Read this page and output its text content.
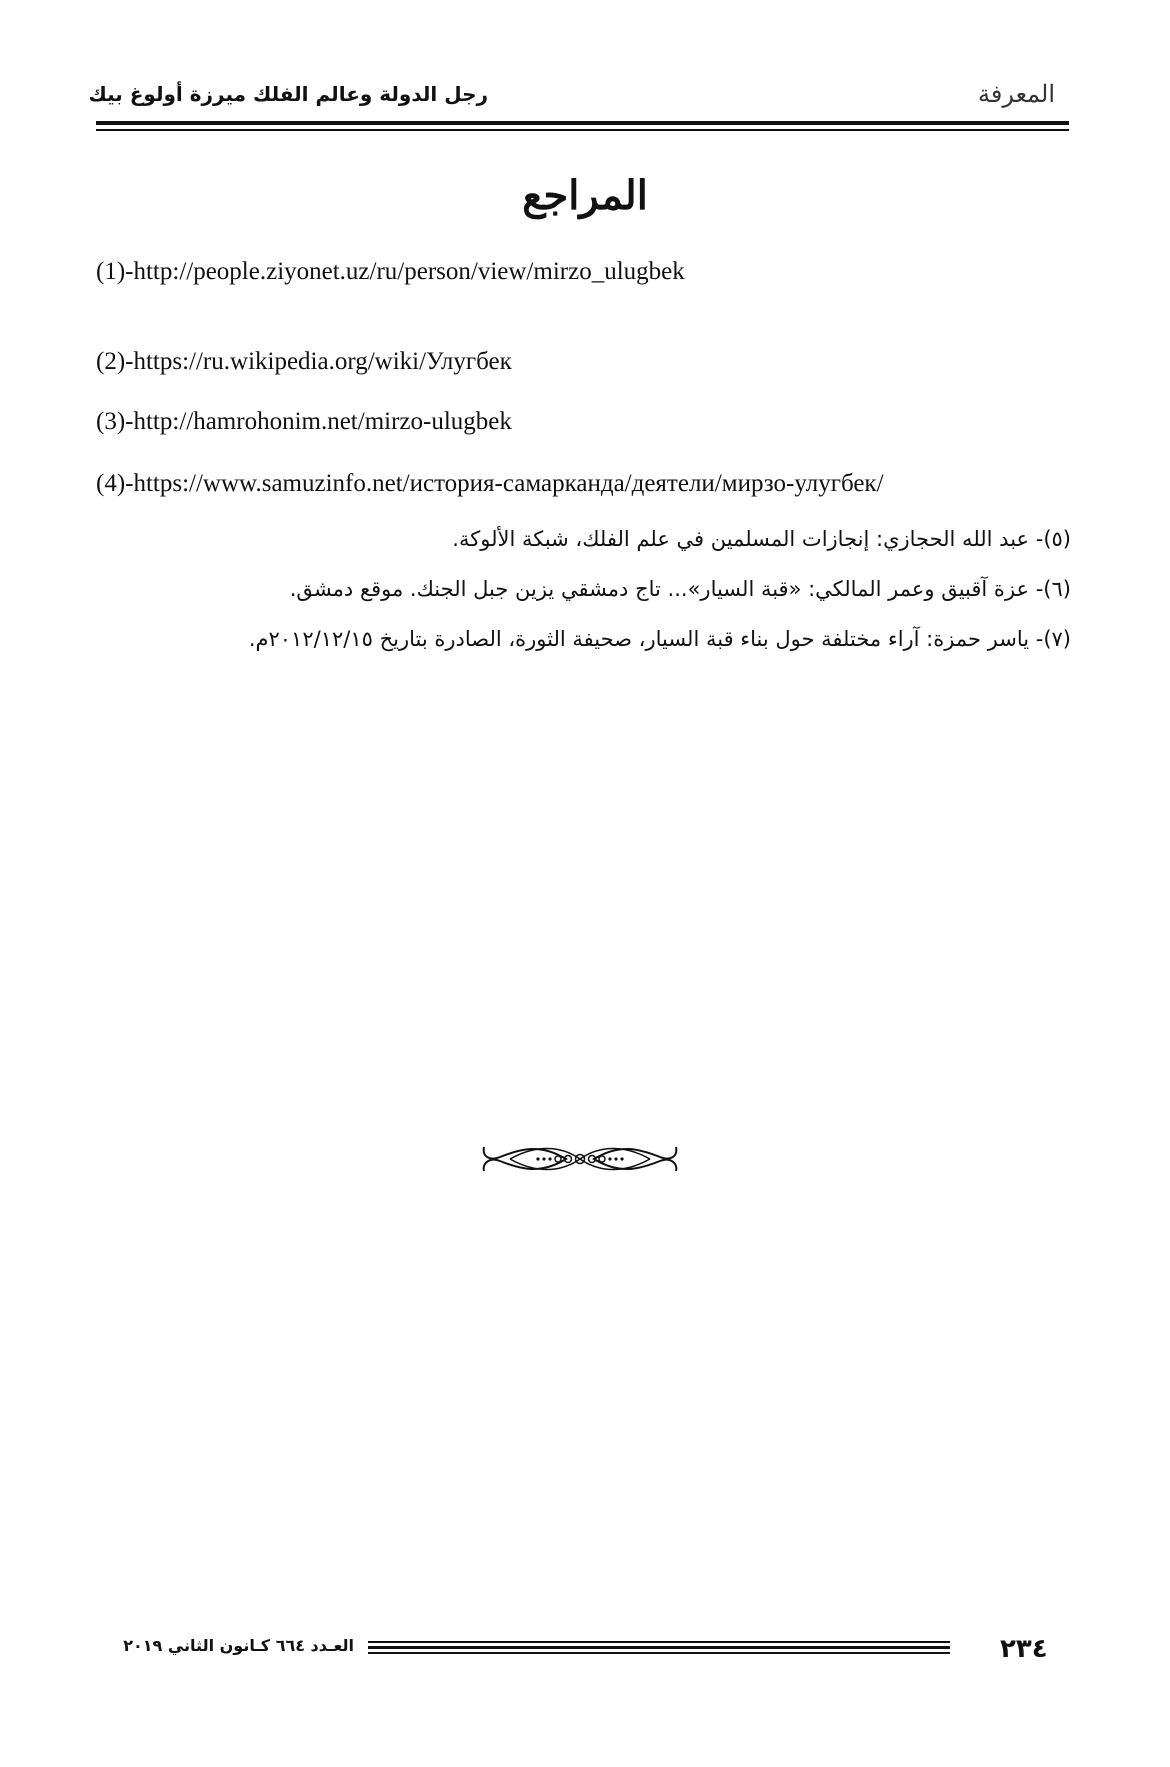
رجل الدولة وعالم الفلك ميرزة أولوغ بيك	المعرفة
المراجع
(1)-http://people.ziyonet.uz/ru/person/view/mirzo_ulugbek
(2)-https://ru.wikipedia.org/wiki/Улугбек
(3)-http://hamrohonim.net/mirzo-ulugbek
(4)-https://www.samuzinfo.net/история-самарканда/деятели/мирзо-улугбек/
(٥)- عبد الله الحجازي: إنجازات المسلمين في علم الفلك، شبكة الألوكة.
(٦)- عزة آقبيق وعمر المالكي: «قبة السيار»... تاج دمشقي يزين جبل الجنك. موقع دمشق.
(٧)- ياسر حمزة: آراء مختلفة حول بناء قبة السيار، صحيفة الثورة، الصادرة بتاريخ ٢٠١٢/١٢/١٥م.
٢٣٤
العـدد ٦٦٤ كـانون الثاني ٢٠١٩
